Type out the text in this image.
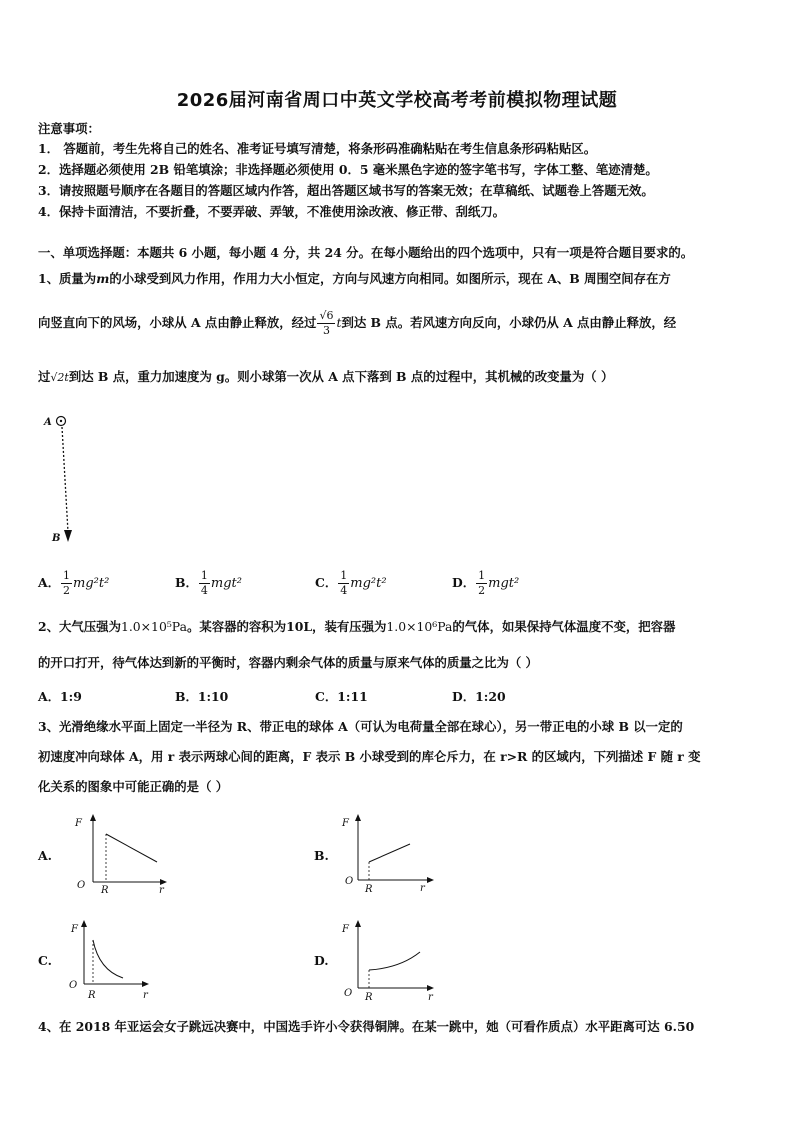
2026届河南省周口中英文学校高考考前模拟物理试题
注意事项：
1． 答题前，考生先将自己的姓名、准考证号填写清楚，将条形码准确粘贴在考生信息条形码粘贴区。
2．选择题必须使用 2B 铅笔填涂；非选择题必须使用 0．5 毫米黑色字迹的签字笔书写，字体工整、笔迹清楚。
3．请按照题号顺序在各题目的答题区域内作答，超出答题区域书写的答案无效；在草稿纸、试题卷上答题无效。
4．保持卡面清洁，不要折叠，不要弄破、弄皱，不准使用涂改液、修正带、刮纸刀。
一、单项选择题：本题共 6 小题，每小题 4 分，共 24 分。在每小题给出的四个选项中，只有一项是符合题目要求的。
1、质量为m的小球受到风力作用，作用力大小恒定，方向与风速方向相同。如图所示，现在 A、B 周围空间存在方
向竖直向下的风场，小球从 A 点由静止释放，经过 $\frac{√6}{3}$ t到达 B 点。若风速方向反向，小球仍从 A 点由静止释放，经
过√2t到达 B 点，重力加速度为 g。则小球第一次从 A 点下落到 B 点的过程中，其机械的改变量为（ ）
A
B
A． $\frac{1}{2} mg^2t^2$	B． $\frac{1}{4} mgt^2$	C． $\frac{1}{4} mg^2t^2$	D． $\frac{1}{2} mgt^2$
2、大气压强为1.0×10⁵Pa。某容器的容积为10L，装有压强为1.0×10⁶Pa的气体，如果保持气体温度不变，把容器
的开口打开，待气体达到新的平衡时，容器内剩余气体的质量与原来气体的质量之比为（ ）
A．1:9	B．1:10	C．1:11	D．1:20
3、光滑绝缘水平面上固定一半径为 R、带正电的球体 A（可认为电荷量全部在球心），另一带正电的小球 B 以一定的
初速度冲向球体 A，用 r 表示两球心间的距离，F 表示 B 小球受到的库仑斥力，在 r>R 的区域内，下列描述 F 随 r 变
化关系的图象中可能正确的是（ ）
A.
F
O R	r
B.
F
O
R	r
C.
F
O
R	r
D.
F
O R	r
4、在 2018 年亚运会女子跳远决赛中，中国选手许小令获得铜牌。在某一跳中，她（可看作质点）水平距离可达 6.50
